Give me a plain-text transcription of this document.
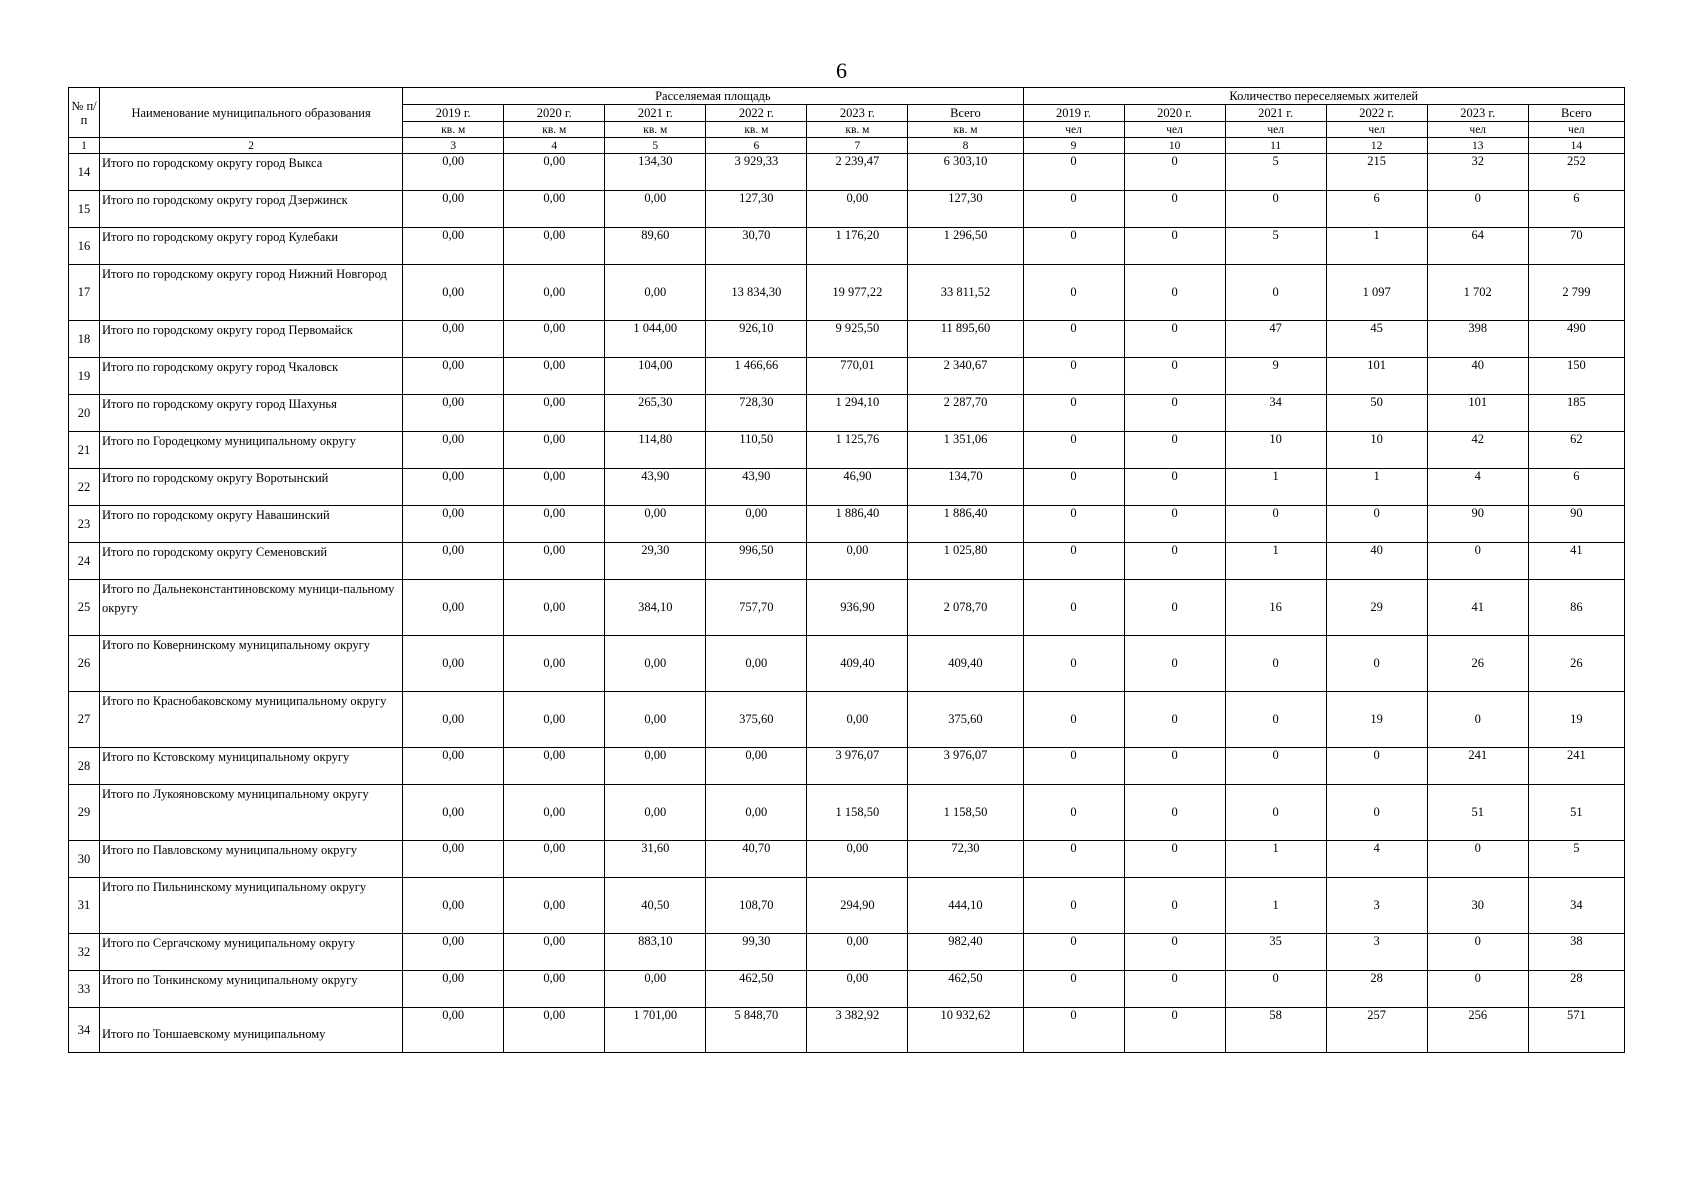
6
№ п/п	Наименование муниципального образования	Расселяемая площадь						Количество переселяемых жителей					
		2019 г.	2020 г.	2021 г.	2022 г.	2023 г.	Всего	2019 г.	2020 г.	2021 г.	2022 г.	2023 г.	Всего
		кв. м	кв. м	кв. м	кв. м	кв. м	кв. м	чел	чел	чел	чел	чел	чел
1	2	3	4	5	6	7	8	9	10	11	12	13	14
14	Итого по городскому округу город Выкса	0,00	0,00	134,30	3 929,33	2 239,47	6 303,10	0	0	5	215	32	252
15	Итого по городскому округу город Дзержинск	0,00	0,00	0,00	127,30	0,00	127,30	0	0	0	6	0	6
16	Итого по городскому округу город Кулебаки	0,00	0,00	89,60	30,70	1 176,20	1 296,50	0	0	5	1	64	70
17	Итого по городскому округу город Нижний Новгород	0,00	0,00	0,00	13 834,30	19 977,22	33 811,52	0	0	0	1 097	1 702	2 799
18	Итого по городскому округу город Первомайск	0,00	0,00	1 044,00	926,10	9 925,50	11 895,60	0	0	47	45	398	490
19	Итого по городскому округу город Чкаловск	0,00	0,00	104,00	1 466,66	770,01	2 340,67	0	0	9	101	40	150
20	Итого по городскому округу город Шахунья	0,00	0,00	265,30	728,30	1 294,10	2 287,70	0	0	34	50	101	185
21	Итого по Городецкому муниципальному округу	0,00	0,00	114,80	110,50	1 125,76	1 351,06	0	0	10	10	42	62
22	Итого по городскому округу Воротынский	0,00	0,00	43,90	43,90	46,90	134,70	0	0	1	1	4	6
23	Итого по городскому округу Навашинский	0,00	0,00	0,00	0,00	1 886,40	1 886,40	0	0	0	0	90	90
24	Итого по городскому округу Семеновский	0,00	0,00	29,30	996,50	0,00	1 025,80	0	0	1	40	0	41
25	Итого по Дальнеконстантиновскому муници-пальному округу	0,00	0,00	384,10	757,70	936,90	2 078,70	0	0	16	29	41	86
26	Итого по Ковернинскому муниципальному округу	0,00	0,00	0,00	0,00	409,40	409,40	0	0	0	0	26	26
27	Итого по Краснобаковскому муниципальному округу	0,00	0,00	0,00	375,60	0,00	375,60	0	0	0	19	0	19
28	Итого по Кстовскому муниципальному округу	0,00	0,00	0,00	0,00	3 976,07	3 976,07	0	0	0	0	241	241
29	Итого по Лукояновскому муниципальному округу	0,00	0,00	0,00	0,00	1 158,50	1 158,50	0	0	0	0	51	51
30	Итого по Павловскому муниципальному округу	0,00	0,00	31,60	40,70	0,00	72,30	0	0	1	4	0	5
31	Итого по Пильнинскому муниципальному округу	0,00	0,00	40,50	108,70	294,90	444,10	0	0	1	3	30	34
32	Итого по Сергачскому муниципальному округу	0,00	0,00	883,10	99,30	0,00	982,40	0	0	35	3	0	38
33	Итого по Тонкинскому муниципальному округу	0,00	0,00	0,00	462,50	0,00	462,50	0	0	0	28	0	28
34	Итого по Тоншаевскому муниципальному	0,00	0,00	1 701,00	5 848,70	3 382,92	10 932,62	0	0	58	257	256	571
